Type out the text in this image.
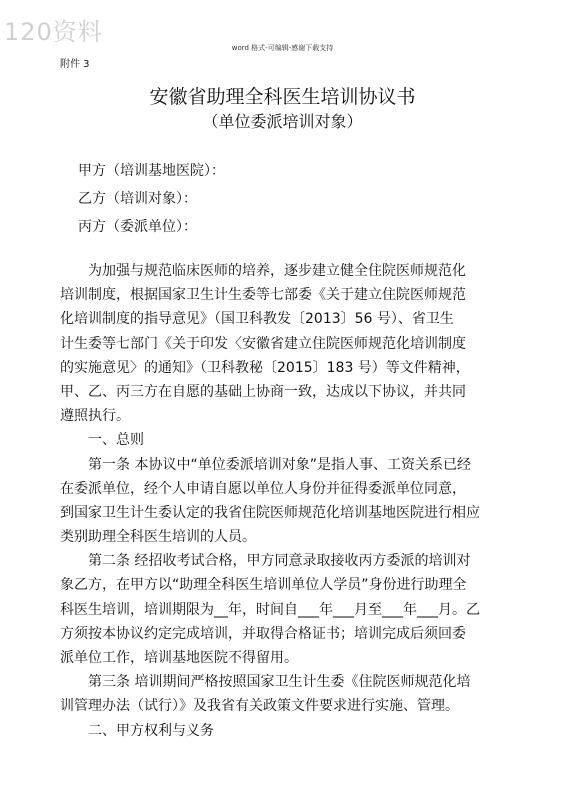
120资料
word 格式-可编辑-感谢下载支持
附件 3
安徽省助理全科医生培训协议书
（单位委派培训对象）
甲方（培训基地医院）：
乙方（培训对象）：
丙方（委派单位）：
为加强与规范临床医师的培养，逐步建立健全住院医师规范化
培训制度，根据国家卫生计生委等七部委《关于建立住院医师规范
化培训制度的指导意见》（国卫科教发〔2013〕56 号）、省卫生
计生委等七部门《关于印发〈安徽省建立住院医师规范化培训制度
的实施意见〉的通知》（卫科教秘〔2015〕183 号）等文件精神，
甲、乙、丙三方在自愿的基础上协商一致，达成以下协议，并共同
遵照执行。
一、总则
第一条 本协议中“单位委派培训对象”是指人事、工资关系已经
在委派单位，经个人申请自愿以单位人身份并征得委派单位同意，
到国家卫生计生委认定的我省住院医师规范化培训基地医院进行相应
类别助理全科医生培训的人员。
第二条 经招收考试合格，甲方同意录取接收丙方委派的培训对
象乙方，在甲方以“助理全科医生培训单位人学员”身份进行助理全
科医生培训，培训期限为__年，时间自___年___月至___年___月。乙
方须按本协议约定完成培训，并取得合格证书；培训完成后须回委
派单位工作，培训基地医院不得留用。
第三条 培训期间严格按照国家卫生计生委《住院医师规范化培
训管理办法（试行）》及我省有关政策文件要求进行实施、管理。
二、甲方权利与义务
